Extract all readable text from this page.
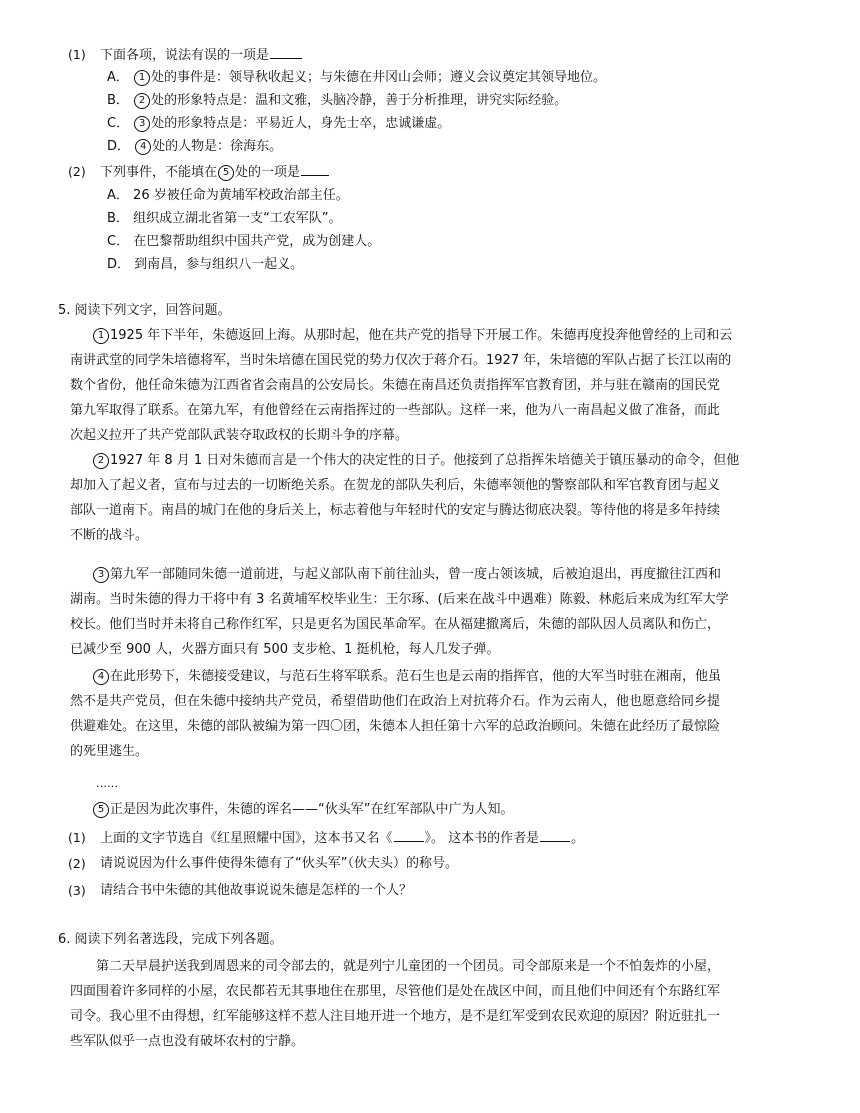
(1) 下面各项，说法有误的一项是
A． 1 处的事件是：领导秋收起义；与朱德在井冈山会师；遵义会议奠定其领导地位。
B． 2 处的形象特点是：温和文雅，头脑冷静，善于分析推理，讲究实际经验。
C． 3 处的形象特点是：平易近人，身先士卒，忠诚谦虚。
D． 4 处的人物是：徐海东。
(2) 下列事件，不能填在 5 处的一项是
A． 26 岁被任命为黄埔军校政治部主任。
B． 组织成立湖北省第一支“工农军队”。
C． 在巴黎帮助组织中国共产党，成为创建人。
D． 到南昌，参与组织八一起义。
5. 阅读下列文字，回答问题。
1 1925 年下半年，朱德返回上海。从那时起，他在共产党的指导下开展工作。朱德再度投奔他曾经的上司和云
南讲武堂的同学朱培德将军，当时朱培德在国民党的势力仅次于蒋介石。1927 年，朱培德的军队占据了长江以南的
数个省份，他任命朱德为江西省省会南昌的公安局长。朱德在南昌还负责指挥军官教育团，并与驻在赣南的国民党
第九军取得了联系。在第九军，有他曾经在云南指挥过的一些部队。这样一来，他为八一南昌起义做了准备，而此
次起义拉开了共产党部队武装夺取政权的长期斗争的序幕。
2 1927 年 8 月 1 日对朱德而言是一个伟大的决定性的日子。他接到了总指挥朱培德关于镇压暴动的命令，但他
却加入了起义者，宣布与过去的一切断绝关系。在贺龙的部队失利后，朱德率领他的警察部队和军官教育团与起义
部队一道南下。南昌的城门在他的身后关上，标志着他与年轻时代的安定与腾达彻底决裂。等待他的将是多年持续
不断的战斗。
3 第九军一部随同朱德一道前进，与起义部队南下前往汕头，曾一度占领该城，后被迫退出，再度撤往江西和
湖南。当时朱德的得力干将中有 3 名黄埔军校毕业生：王尔琢、(后来在战斗中遇难）陈毅、林彪后来成为红军大学
校长。他们当时并未将自己称作红军，只是更名为国民革命军。在从福建撤离后，朱德的部队因人员离队和伤亡，
已减少至 900 人，火器方面只有 500 支步枪、1 挺机枪，每人几发子弹。
4 在此形势下，朱德接受建议，与范石生将军联系。范石生也是云南的指挥官，他的大军当时驻在湘南，他虽
然不是共产党员，但在朱德中接纳共产党员，希望借助他们在政治上对抗蒋介石。作为云南人，他也愿意给同乡提
供避难处。在这里，朱德的部队被编为第一四〇团，朱德本人担任第十六军的总政治顾问。朱德在此经历了最惊险
的死里逃生。
……
5 正是因为此次事件，朱德的诨名——“伙头军”在红军部队中广为人知。
(1) 上面的文字节选自《红星照耀中国》，这本书又名《 》。 这本书的作者是 。
(2) 请说说因为什么事件使得朱德有了“伙头军”（伙夫头）的称号。
(3) 请结合书中朱德的其他故事说说朱德是怎样的一个人？
6. 阅读下列名著选段，完成下列各题。
第二天早晨护送我到周恩来的司令部去的，就是列宁儿童团的一个团员。司令部原来是一个不怕轰炸的小屋，
四面围着许多同样的小屋，农民都若无其事地住在那里，尽管他们是处在战区中间，而且他们中间还有个东路红军
司令。我心里不由得想，红军能够这样不惹人注目地开进一个地方，是不是红军受到农民欢迎的原因？附近驻扎一
些军队似乎一点也没有破坏农村的宁静。
